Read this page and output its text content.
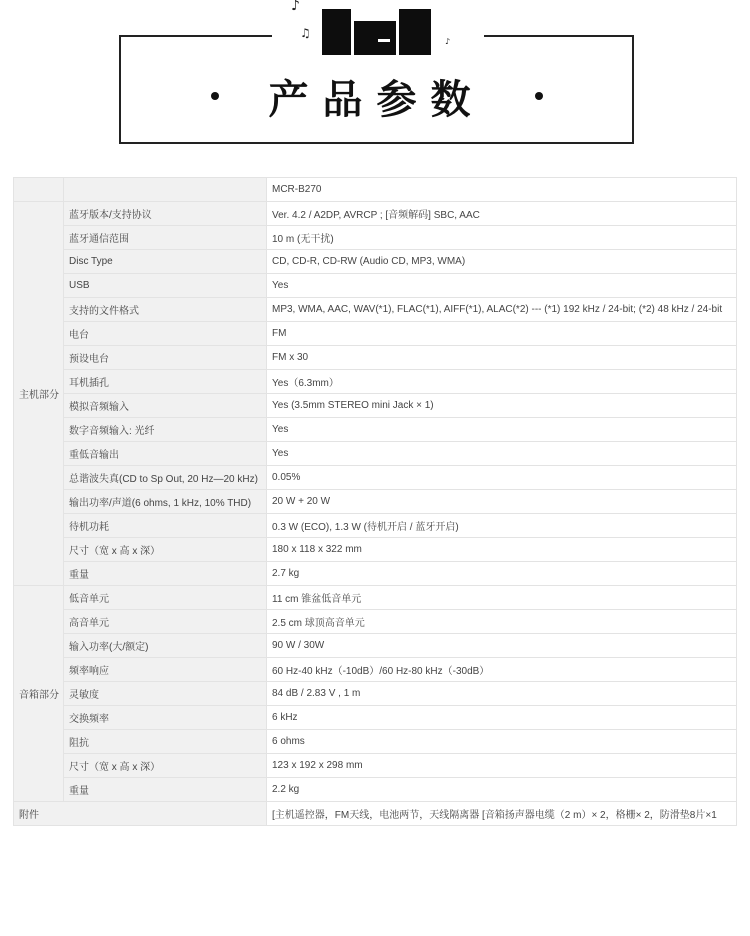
♪
♫
♪
产品参数
		MCR-B270
主机部分	蓝牙版本/支持协议	Ver. 4.2 / A2DP, AVRCP ; [音频解码] SBC, AAC
	蓝牙通信范围	10 m (无干扰)
	Disc Type	CD, CD-R, CD-RW (Audio CD, MP3, WMA)
	USB	Yes
	支持的文件格式	MP3, WMA, AAC, WAV(*1), FLAC(*1), AIFF(*1), ALAC(*2) --- (*1) 192 kHz / 24-bit; (*2) 48 kHz / 24-bit
	电台	FM
	预设电台	FM x 30
	耳机插孔	Yes（6.3mm）
	模拟音频输入	Yes (3.5mm STEREO mini Jack × 1)
	数字音频输入: 光纤	Yes
	重低音输出	Yes
	总谐波失真(CD to Sp Out, 20 Hz—20 kHz)	0.05%
	输出功率/声道(6 ohms, 1 kHz, 10% THD)	20 W + 20 W
	待机功耗	0.3 W (ECO), 1.3 W (待机开启 / 蓝牙开启)
	尺寸（宽 x 高 x 深）	180 x 118 x 322 mm
	重量	2.7 kg
音箱部分	低音单元	11 cm 锥盆低音单元
	高音单元	2.5 cm 球顶高音单元
	输入功率(大/额定)	90 W / 30W
	频率响应	60 Hz-40 kHz（-10dB）/60 Hz-80 kHz（-30dB）
	灵敏度	84 dB / 2.83 V , 1 m
	交换频率	6 kHz
	阻抗	6 ohms
	尺寸（宽 x 高 x 深）	123 x 192 x 298 mm
	重量	2.2 kg
附件		[主机遥控器，FM天线，电池两节，天线隔离器 [音箱扬声器电缆（2 m）× 2，格栅× 2，防滑垫8片×1
